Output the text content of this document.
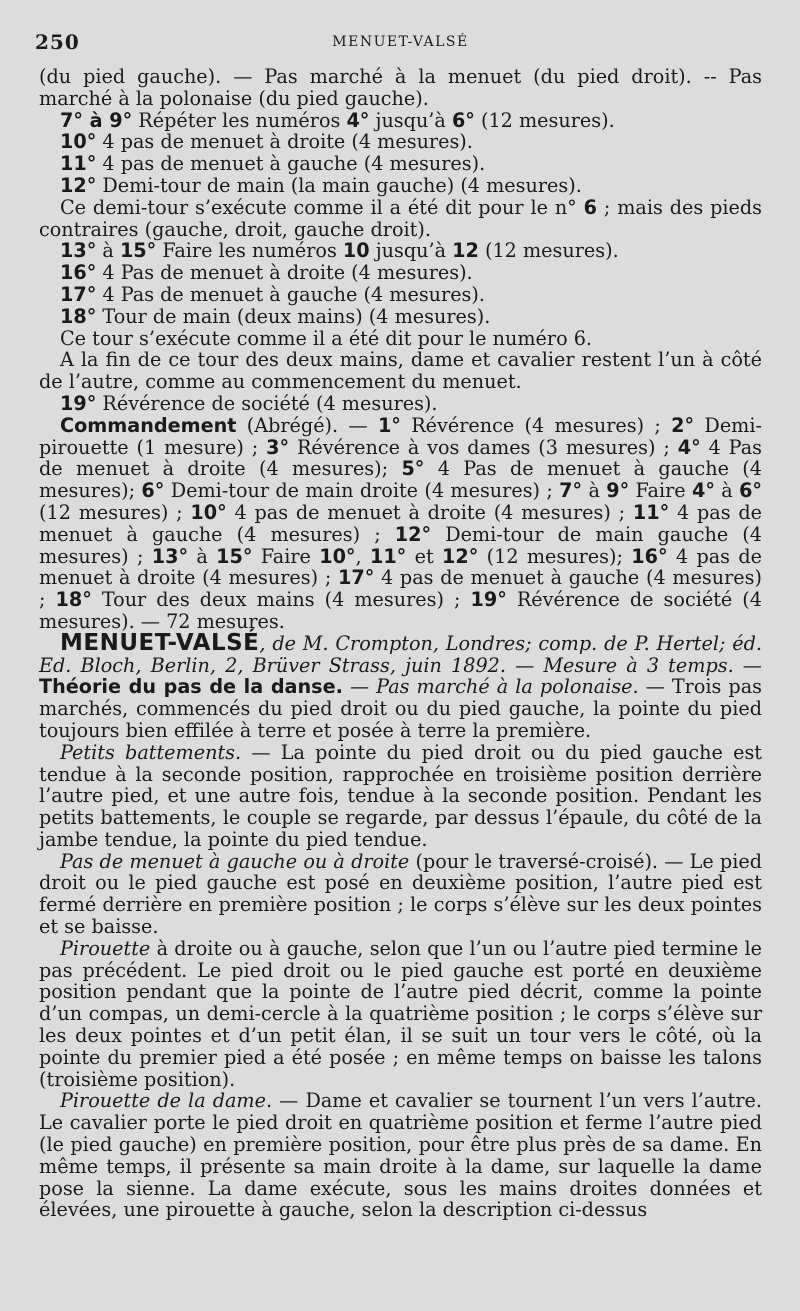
250	MENUET-VALSÉ

(du pied gauche). — Pas marché à la menuet (du pied droit). -- Pas marché à la polonaise (du pied gauche).

7° à 9° Répéter les numéros 4° jusqu’à 6° (12 mesures).

10° 4 pas de menuet à droite (4 mesures).

11° 4 pas de menuet à gauche (4 mesures).

12° Demi-tour de main (la main gauche) (4 mesures).

Ce demi-tour s’exécute comme il a été dit pour le n° 6 ; mais des pieds contraires (gauche, droit, gauche droit).

13° à 15° Faire les numéros 10 jusqu’à 12 (12 mesures).

16° 4 Pas de menuet à droite (4 mesures).

17° 4 Pas de menuet à gauche (4 mesures).

18° Tour de main (deux mains) (4 mesures).

Ce tour s’exécute comme il a été dit pour le numéro 6.

A la fin de ce tour des deux mains, dame et cavalier restent l’un à côté de l’autre, comme au commencement du menuet.

19° Révérence de société (4 mesures).

Commandement (Abrégé). — 1° Révérence (4 mesures) ; 2° Demi-pirouette (1 mesure) ; 3° Révérence à vos dames (3 mesures) ; 4° 4 Pas de menuet à droite (4 mesures); 5° 4 Pas de menuet à gauche (4 mesures); 6° Demi-tour de main droite (4 mesures) ; 7° à 9° Faire 4° à 6° (12 mesures) ; 10° 4 pas de menuet à droite (4 mesures) ; 11° 4 pas de menuet à gauche (4 mesures) ; 12° Demi-tour de main gauche (4 mesures) ; 13° à 15° Faire 10°, 11° et 12° (12 mesures); 16° 4 pas de menuet à droite (4 mesures) ; 17° 4 pas de menuet à gauche (4 mesures) ; 18° Tour des deux mains (4 mesures) ; 19° Révérence de société (4 mesures). — 72 mesures.

MENUET-VALSÉ, de M. Crompton, Londres; comp. de P. Hertel; éd. Ed. Bloch, Berlin, 2, Brüver Strass, juin 1892. — Mesure à 3 temps. — Théorie du pas de la danse. — Pas marché à la polonaise. — Trois pas marchés, commencés du pied droit ou du pied gauche, la pointe du pied toujours bien effilée à terre et posée à terre la première.

Petits battements. — La pointe du pied droit ou du pied gauche est tendue à la seconde position, rapprochée en troisième position derrière l’autre pied, et une autre fois, tendue à la seconde position. Pendant les petits battements, le couple se regarde, par dessus l’épaule, du côté de la jambe tendue, la pointe du pied tendue.

Pas de menuet à gauche ou à droite (pour le traversé-croisé). — Le pied droit ou le pied gauche est posé en deuxième position, l’autre pied est fermé derrière en première position ; le corps s’élève sur les deux pointes et se baisse.

Pirouette à droite ou à gauche, selon que l’un ou l’autre pied termine le pas précédent. Le pied droit ou le pied gauche est porté en deuxième position pendant que la pointe de l’autre pied décrit, comme la pointe d’un compas, un demi-cercle à la quatrième position ; le corps s’élève sur les deux pointes et d’un petit élan, il se suit un tour vers le côté, où la pointe du premier pied a été posée ; en même temps on baisse les talons (troisième position).

Pirouette de la dame. — Dame et cavalier se tournent l’un vers l’autre. Le cavalier porte le pied droit en quatrième position et ferme l’autre pied (le pied gauche) en première position, pour être plus près de sa dame. En même temps, il présente sa main droite à la dame, sur laquelle la dame pose la sienne. La dame exécute, sous les mains droites données et élevées, une pirouette à gauche, selon la description ci-dessus
